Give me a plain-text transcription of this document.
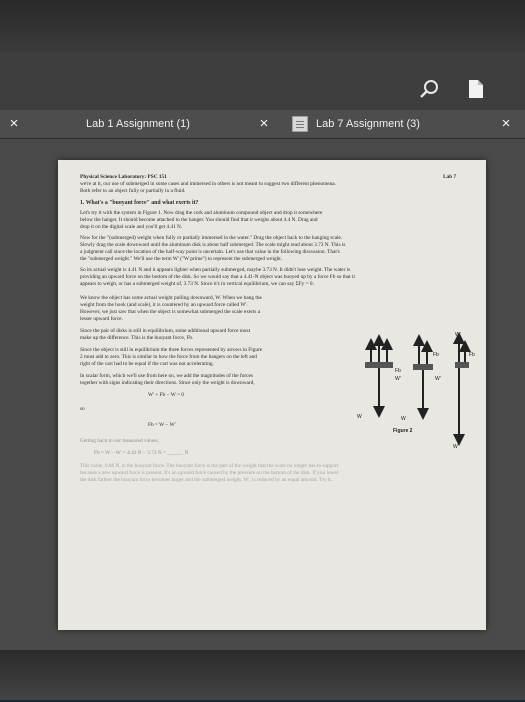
×	Lab 1 Assignment (1)	×	Lab 7 Assignment (3)	×
Physical Science Laboratory: PSC 151	Lab 7
we're at it, our use of submerged in some cases and immersed in others is not meant to suggest two different phenomena.
Both refer to an object fully or partially in a fluid.
1. What's a "buoyant force" and what exerts it?
Let's try it with the system in Figure 1. Now drag the cork and aluminum compound object and drop it somewhere
below the hanger. It should become attached to the hanger. You should find that it weighs about 4.4 N. Drag and
drop it on the digital scale and you'll get 4.41 N.
Now for the "(submerged) weight when fully or partially immersed in the water." Drag the object back to the hanging scale.
Slowly drag the scale downward until the aluminum disk is about half submerged. The scale might read about 3.73 N. This is
a judgment call since the location of the half-way point is uncertain. Let's use that value in the following discussion. That's
the "submerged weight." We'll use the term W' ("W prime") to represent the submerged weight.
So its actual weight is 4.41 N and it appears lighter when partially submerged, maybe 3.73 N. It didn't lose weight. The water is
providing an upward force on the bottom of the disk. So we would say that a 4.41-N object was buoyed up by a force Fb so that it
appears to weigh, or has a submerged weight of, 3.73 N. Since it's in vertical equilibrium, we can say ΣFy = 0.
We know the object has some actual weight pulling downward, W. When we hang the
weight from the hook (and scale), it is countered by an upward force called W'.
However, we just saw that when the object is somewhat submerged the scale exerts a
lesser upward force.
Since the pair of disks is still in equilibrium, some additional upward force must
make up the difference. This is the buoyant force, Fb.
Since the object is still in equilibrium the three forces represented by arrows in Figure
2 must add to zero. This is similar to how the force from the hangers on the left and
right of the cart had to be equal if the cart was not accelerating.
In scalar form, which we'll use from here on, we add the magnitudes of the forces
together with signs indicating their directions. Since only the weight is downward,
W' + Fb − W = 0
so
Fb = W − W'
Getting back to our measured values,
Fb = W − W' = 4.41 N − 3.73 N = ______ N
This value, 0.68 N, is the buoyant force. The buoyant force is the part of the weight that the scale no longer has to support
because a new upward force is present. It's an upward force caused by the pressure on the bottom of the disk. If you lower
the disk farther the buoyant force becomes larger and the submerged weight, W', is reduced by an equal amount. Try it.
W'
Fb
Fb
Fb
W'	W'
W	W
W
Figure 2
